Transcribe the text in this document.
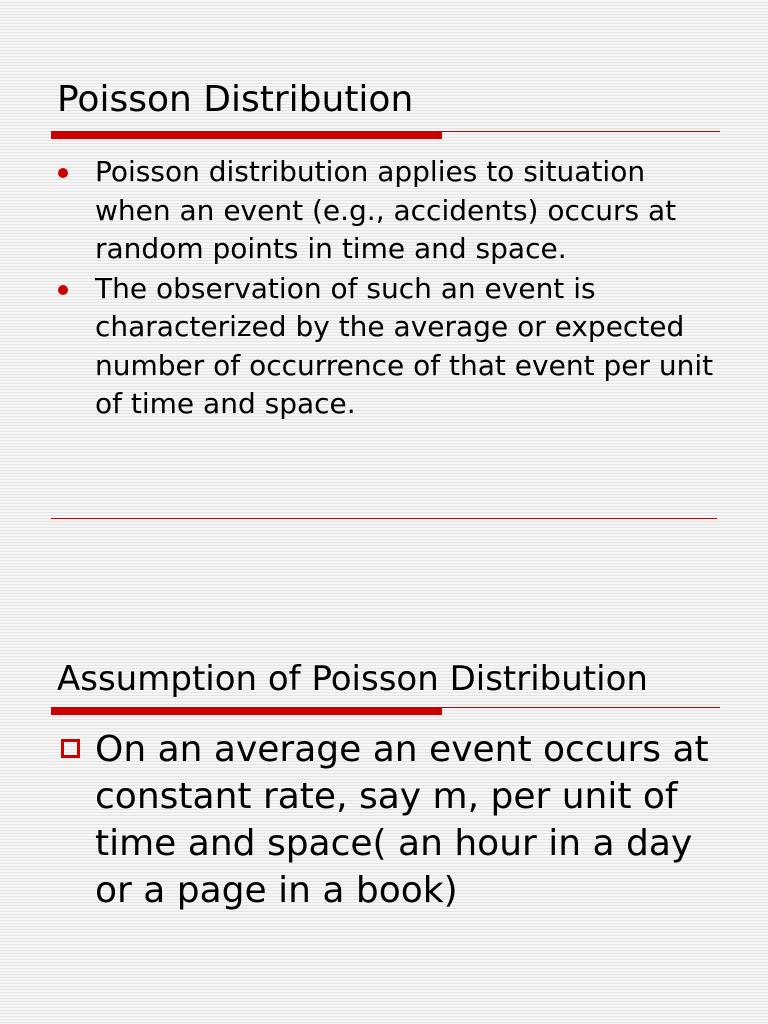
Poisson Distribution
Poisson distribution applies to situation when an event (e.g., accidents) occurs at random points in time and space.
The observation of such an event is characterized by the average or expected number of occurrence of that event per unit of time and space.
Assumption of Poisson Distribution
On an average an event occurs at constant rate, say m, per unit of time and space( an hour in a day or a page in a book)
